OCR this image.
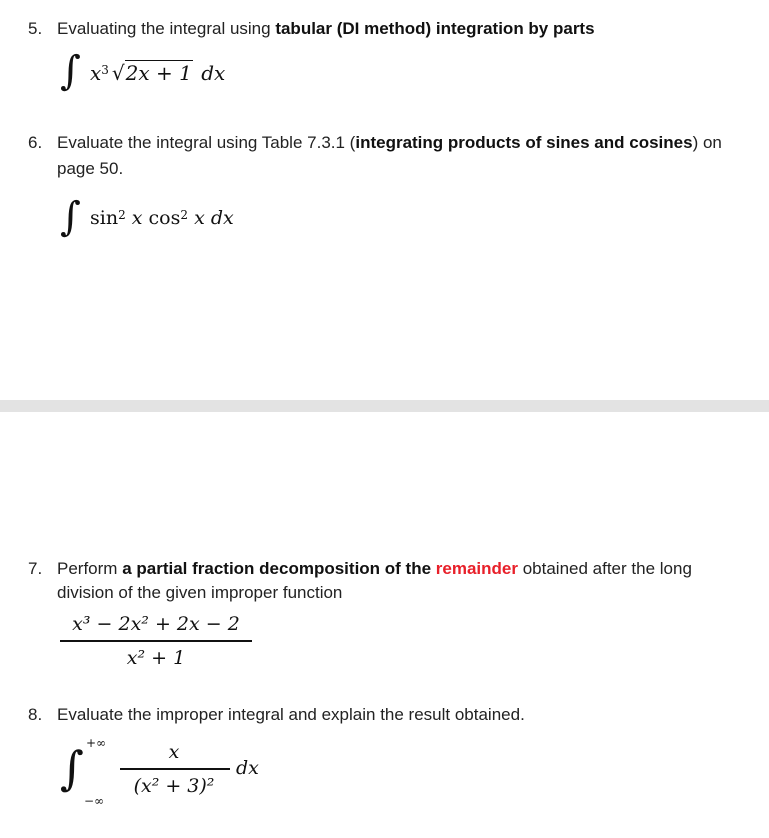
5. Evaluating the integral using tabular (DI method) integration by parts
∫ $x^3$ √2x + 1 dx
6. Evaluate the integral using Table 7.3.1 (integrating products of sines and cosines) on
page 50.
∫ $\sin^2 x$ $\cos^2 x$ dx
7. Perform a partial fraction decomposition of the remainder obtained after the long
division of the given improper function
x³ − 2x² + 2x − 2
x² + 1
8. Evaluate the improper integral and explain the result obtained.
∫ +∞
−∞
x
(x² + 3)²
dx
